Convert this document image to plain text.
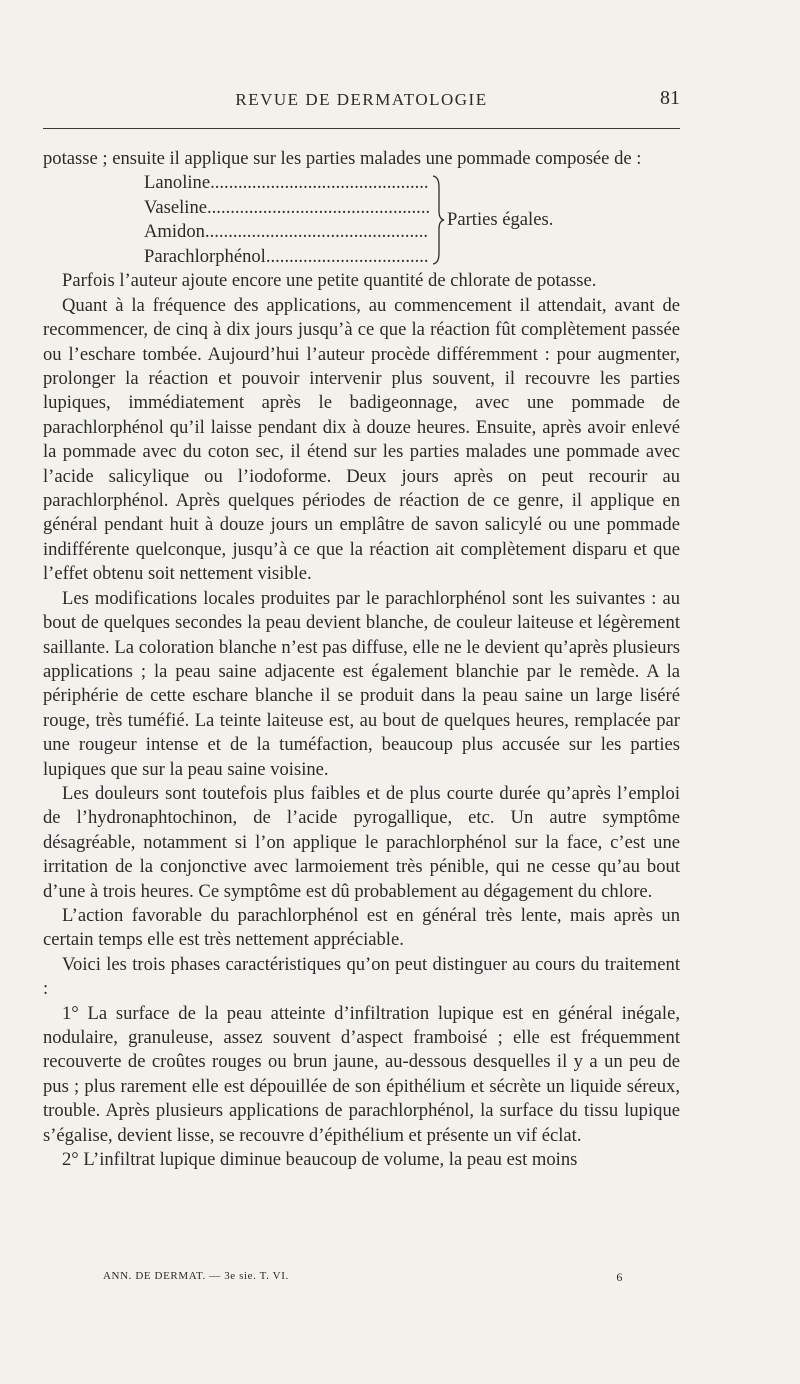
REVUE DE DERMATOLOGIE	81

potasse ; ensuite il applique sur les parties malades une pommade composée de :

Lanoline
.....
Vaseline
.....
Amidon
.....
Parachlorphénol
.....
Parties égales.

Parfois l’auteur ajoute encore une petite quantité de chlorate de potasse.

Quant à la fréquence des applications, au commencement il attendait, avant de recommencer, de cinq à dix jours jusqu’à ce que la réaction fût complètement passée ou l’eschare tombée. Aujourd’hui l’auteur procède différemment : pour augmenter, prolonger la réaction et pouvoir intervenir plus souvent, il recouvre les parties lupiques, immédiatement après le badigeonnage, avec une pommade de parachlorphénol qu’il laisse pendant dix à douze heures. Ensuite, après avoir enlevé la pommade avec du coton sec, il étend sur les parties malades une pommade avec l’acide salicylique ou l’iodoforme. Deux jours après on peut recourir au parachlorphénol. Après quelques périodes de réaction de ce genre, il applique en général pendant huit à douze jours un emplâtre de savon salicylé ou une pommade indifférente quelconque, jusqu’à ce que la réaction ait complètement disparu et que l’effet obtenu soit nettement visible.

Les modifications locales produites par le parachlorphénol sont les suivantes : au bout de quelques secondes la peau devient blanche, de couleur laiteuse et légèrement saillante. La coloration blanche n’est pas diffuse, elle ne le devient qu’après plusieurs applications ; la peau saine adjacente est également blanchie par le remède. A la périphérie de cette eschare blanche il se produit dans la peau saine un large liséré rouge, très tuméfié. La teinte laiteuse est, au bout de quelques heures, remplacée par une rougeur intense et de la tuméfaction, beaucoup plus accusée sur les parties lupiques que sur la peau saine voisine.

Les douleurs sont toutefois plus faibles et de plus courte durée qu’après l’emploi de l’hydronaphtochinon, de l’acide pyrogallique, etc. Un autre symptôme désagréable, notamment si l’on applique le parachlorphénol sur la face, c’est une irritation de la conjonctive avec larmoiement très pénible, qui ne cesse qu’au bout d’une à trois heures. Ce symptôme est dû probablement au dégagement du chlore.

L’action favorable du parachlorphénol est en général très lente, mais après un certain temps elle est très nettement appréciable.

Voici les trois phases caractéristiques qu’on peut distinguer au cours du traitement :

1° La surface de la peau atteinte d’infiltration lupique est en général inégale, nodulaire, granuleuse, assez souvent d’aspect framboisé ; elle est fréquemment recouverte de croûtes rouges ou brun jaune, au-dessous desquelles il y a un peu de pus ; plus rarement elle est dépouillée de son épithélium et sécrète un liquide séreux, trouble. Après plusieurs applications de parachlorphénol, la surface du tissu lupique s’égalise, devient lisse, se recouvre d’épithélium et présente un vif éclat.

2° L’infiltrat lupique diminue beaucoup de volume, la peau est moins

ANN. DE DERMAT. — 3e sie. T. VI.	6
